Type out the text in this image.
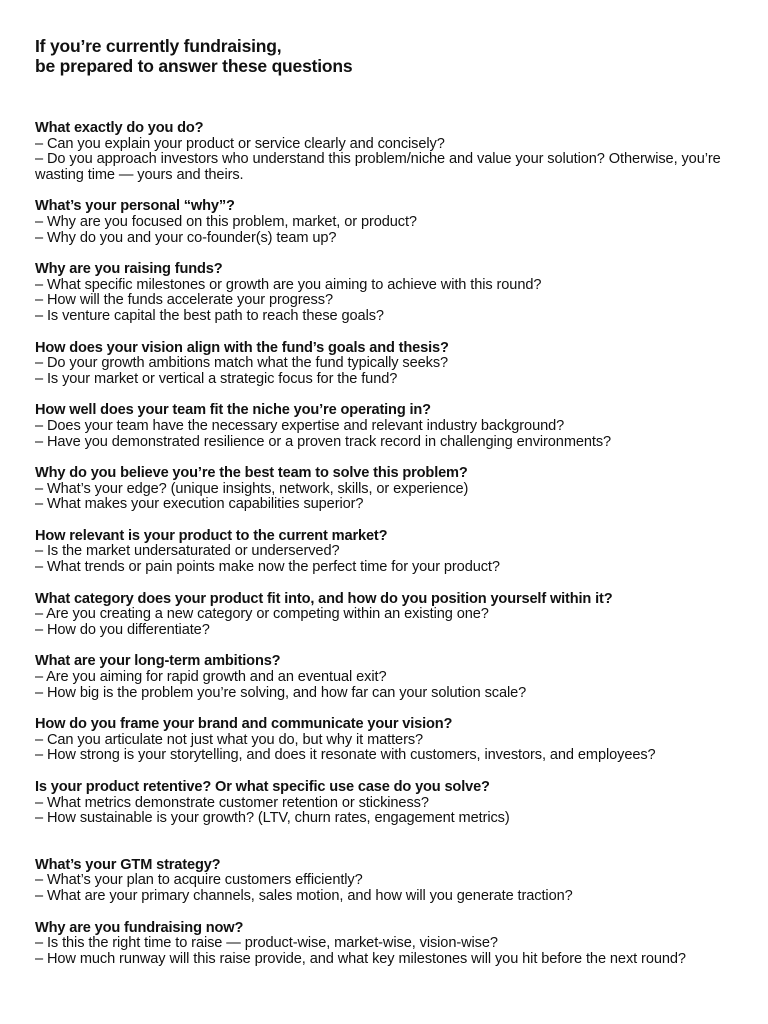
If you’re currently fundraising,
be prepared to answer these questions
What exactly do you do?
– Can you explain your product or service clearly and concisely?
– Do you approach investors who understand this problem/niche and value your solution? Otherwise, you’re wasting time — yours and theirs.
What’s your personal “why”?
– Why are you focused on this problem, market, or product?
– Why do you and your co-founder(s) team up?
Why are you raising funds?
– What specific milestones or growth are you aiming to achieve with this round?
– How will the funds accelerate your progress?
– Is venture capital the best path to reach these goals?
How does your vision align with the fund’s goals and thesis?
– Do your growth ambitions match what the fund typically seeks?
– Is your market or vertical a strategic focus for the fund?
How well does your team fit the niche you’re operating in?
– Does your team have the necessary expertise and relevant industry background?
– Have you demonstrated resilience or a proven track record in challenging environments?
Why do you believe you’re the best team to solve this problem?
– What’s your edge? (unique insights, network, skills, or experience)
– What makes your execution capabilities superior?
How relevant is your product to the current market?
– Is the market undersaturated or underserved?
– What trends or pain points make now the perfect time for your product?
What category does your product fit into, and how do you position yourself within it?
– Are you creating a new category or competing within an existing one?
– How do you differentiate?
What are your long-term ambitions?
– Are you aiming for rapid growth and an eventual exit?
– How big is the problem you’re solving, and how far can your solution scale?
How do you frame your brand and communicate your vision?
– Can you articulate not just what you do, but why it matters?
– How strong is your storytelling, and does it resonate with customers, investors, and employees?
Is your product retentive? Or what specific use case do you solve?
– What metrics demonstrate customer retention or stickiness?
– How sustainable is your growth? (LTV, churn rates, engagement metrics)
What’s your GTM strategy?
– What’s your plan to acquire customers efficiently?
– What are your primary channels, sales motion, and how will you generate traction?
Why are you fundraising now?
– Is this the right time to raise — product-wise, market-wise, vision-wise?
– How much runway will this raise provide, and what key milestones will you hit before the next round?
